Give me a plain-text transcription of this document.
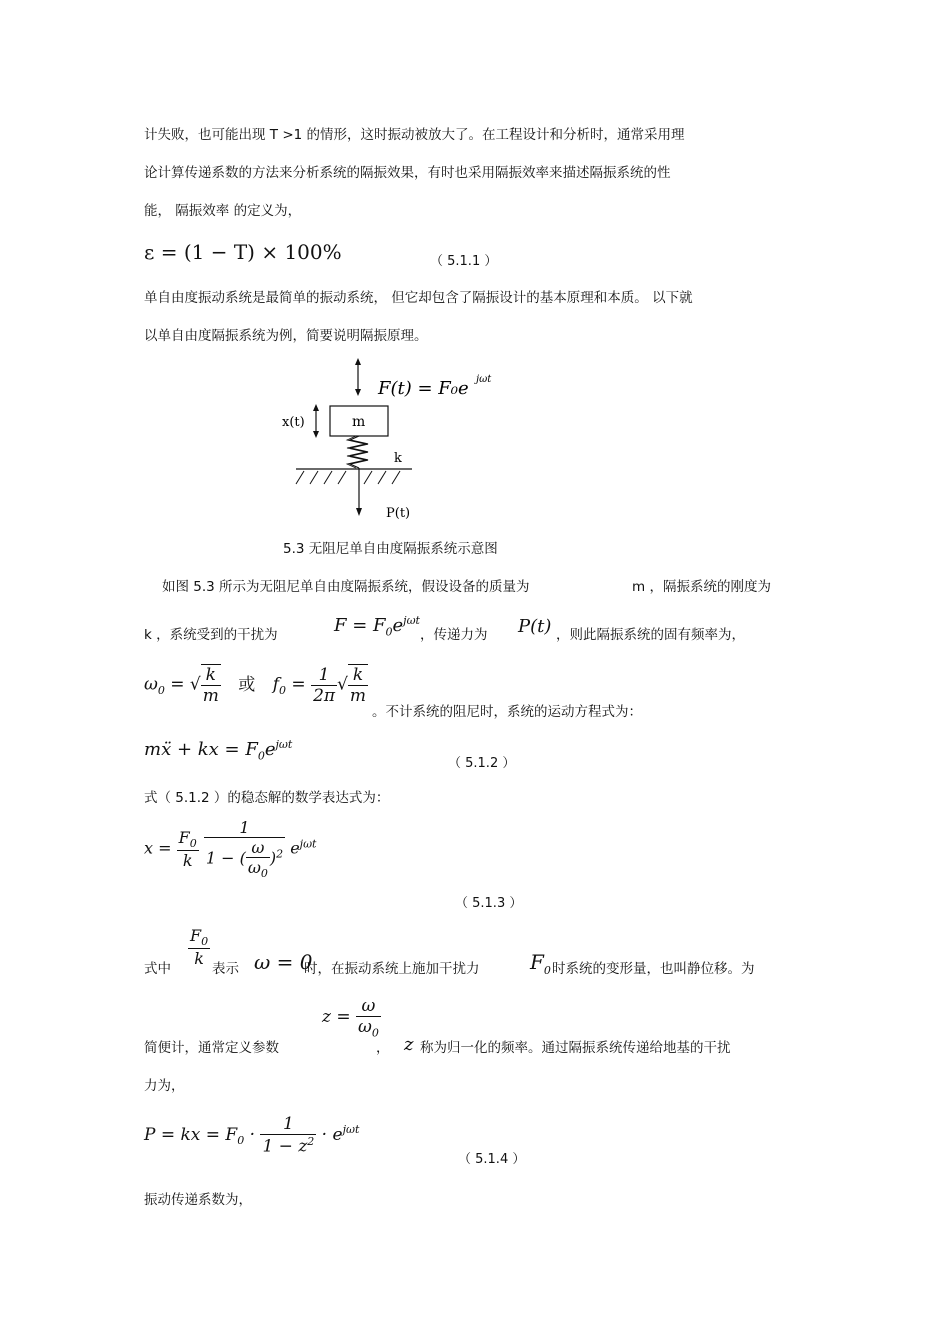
计失败，也可能出现 T >1 的情形，这时振动被放大了。在工程设计和分析时，通常采用理
论计算传递系数的方法来分析系统的隔振效果，有时也采用隔振效率来描述隔振系统的性
能， 隔振效率 的定义为，
ε = (1 − T) × 100%	（ 5.1.1 ）
单自由度振动系统是最简单的振动系统， 但它却包含了隔振设计的基本原理和本质。 以下就
以单自由度隔振系统为例，简要说明隔振原理。
F(t) = F₀e jωt
m
x(t)
k
P(t)
5.3 无阻尼单自由度隔振系统示意图
如图 5.3 所示为无阻尼单自由度隔振系统，假设设备的质量为	m ，隔振系统的刚度为
k ，系统受到的干扰为	$F = F_0e^{j\omega t}$
，传递力为 P(t) ，则此隔振系统的固有频率为，
$\omega_0$ = √ $\frac{k}{m}$ 或 $f_0 = \frac{1}{2\pi}$ √ $\frac{k}{m}$
。不计系统的阻尼时，系统的运动方程式为：
mẍ + kx = $F_0e^{j\omega t}$
（ 5.1.2 ）
式（ 5.1.2 ）的稳态解的数学表达式为：
$x = \frac{F_0}{k}$
$\frac{1}{1 - ( \frac{\omega}{\omega_0} )^2} e^{j\omega t}$
（ 5.1.3 ）
式中
$\frac{F_0}{k}$
表示 ω = 0
时，在振动系统上施加干扰力	$F_0$ 时系统的变形量，也叫静位移。为
简便计，通常定义参数
$z = \frac{\omega}{\omega_0}$
， z 称为归一化的频率。通过隔振系统传递给地基的干扰
力为，
P = kx = $F_0 \cdot \frac{1}{1 - z^2} \cdot e^{j\omega t}$
（ 5.1.4 ）
振动传递系数为，
